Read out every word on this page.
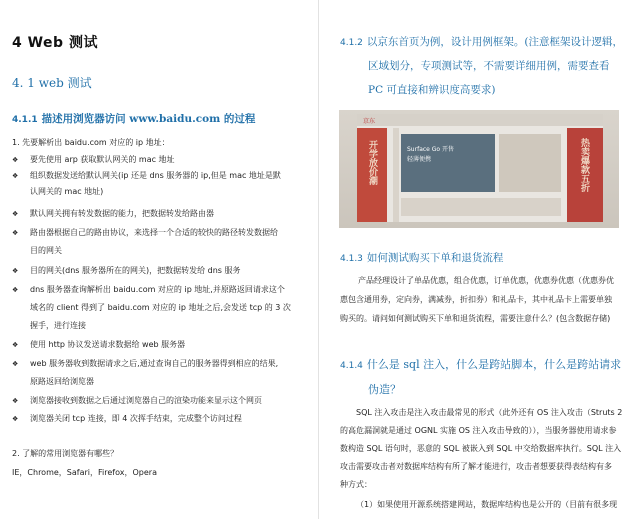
4 Web 测试
4. 1 web 测试
4.1.1 描述用浏览器访问 www.baidu.com 的过程
1. 先要解析出 baidu.com 对应的 ip 地址：
❖ 要先使用 arp 获取默认网关的 mac 地址
❖ 组织数据发送给默认网关(ip 还是 dns 服务器的 ip,但是 mac 地址是默
认网关的 mac 地址)
❖ 默认网关拥有转发数据的能力，把数据转发给路由器
❖ 路由器根据自己的路由协议，来选择一个合适的较快的路径转发数据给
目的网关
❖ 目的网关(dns 服务器所在的网关)，把数据转发给 dns 服务
❖ dns 服务器查询解析出 baidu.com 对应的 ip 地址,并原路返回请求这个
域名的 client 得到了 baidu.com 对应的 ip 地址之后,会发送 tcp 的 3 次
握手，进行连接
❖ 使用 http 协议发送请求数据给 web 服务器
❖ web 服务器收到数据请求之后,通过查询自己的服务器得到相应的结果,
原路返回给浏览器
❖ 浏览器接收到数据之后通过浏览器自己的渲染功能来显示这个网页
❖ 浏览器关闭 tcp 连接，即 4 次挥手结束，完成整个访问过程
2. 了解的常用浏览器有哪些？
IE，Chrome，Safari，Firefox，Opera
4.1.2 以京东首页为例，设计用例框架。(注意框架设计逻辑，
区域划分，专项测试等，不需要详细用例，需要查看
PC 可直接和辨识度高要求)
京东
开学放价潮	Surface Go 开售
轻薄便携	热卖爆款五折
4.1.3 如何测试购买下单和退货流程
产品经理设计了单品优惠，组合优惠，订单优惠，优惠券优惠（优惠券优
惠包含通用券，定向券，满减券，折扣券）和礼品卡，其中礼品卡上需要单独
购买的。请问如何测试购买下单和退货流程，需要注意什么？(包含数据存储)
4.1.4 什么是 sql 注入，什么是跨站脚本，什么是跨站请求
伪造？
SQL 注入攻击是注入攻击最常见的形式（此外还有 OS 注入攻击（Struts 2
的高危漏洞就是通过 OGNL 实施 OS 注入攻击导致的）），当服务器使用请求参
数构造 SQL 语句时，恶意的 SQL 被嵌入到 SQL 中交给数据库执行。SQL 注入
攻击需要攻击者对数据库结构有所了解才能进行，攻击者想要获得表结构有多
种方式：
（1）如果使用开源系统搭建网站，数据库结构也是公开的（目前有很多现
